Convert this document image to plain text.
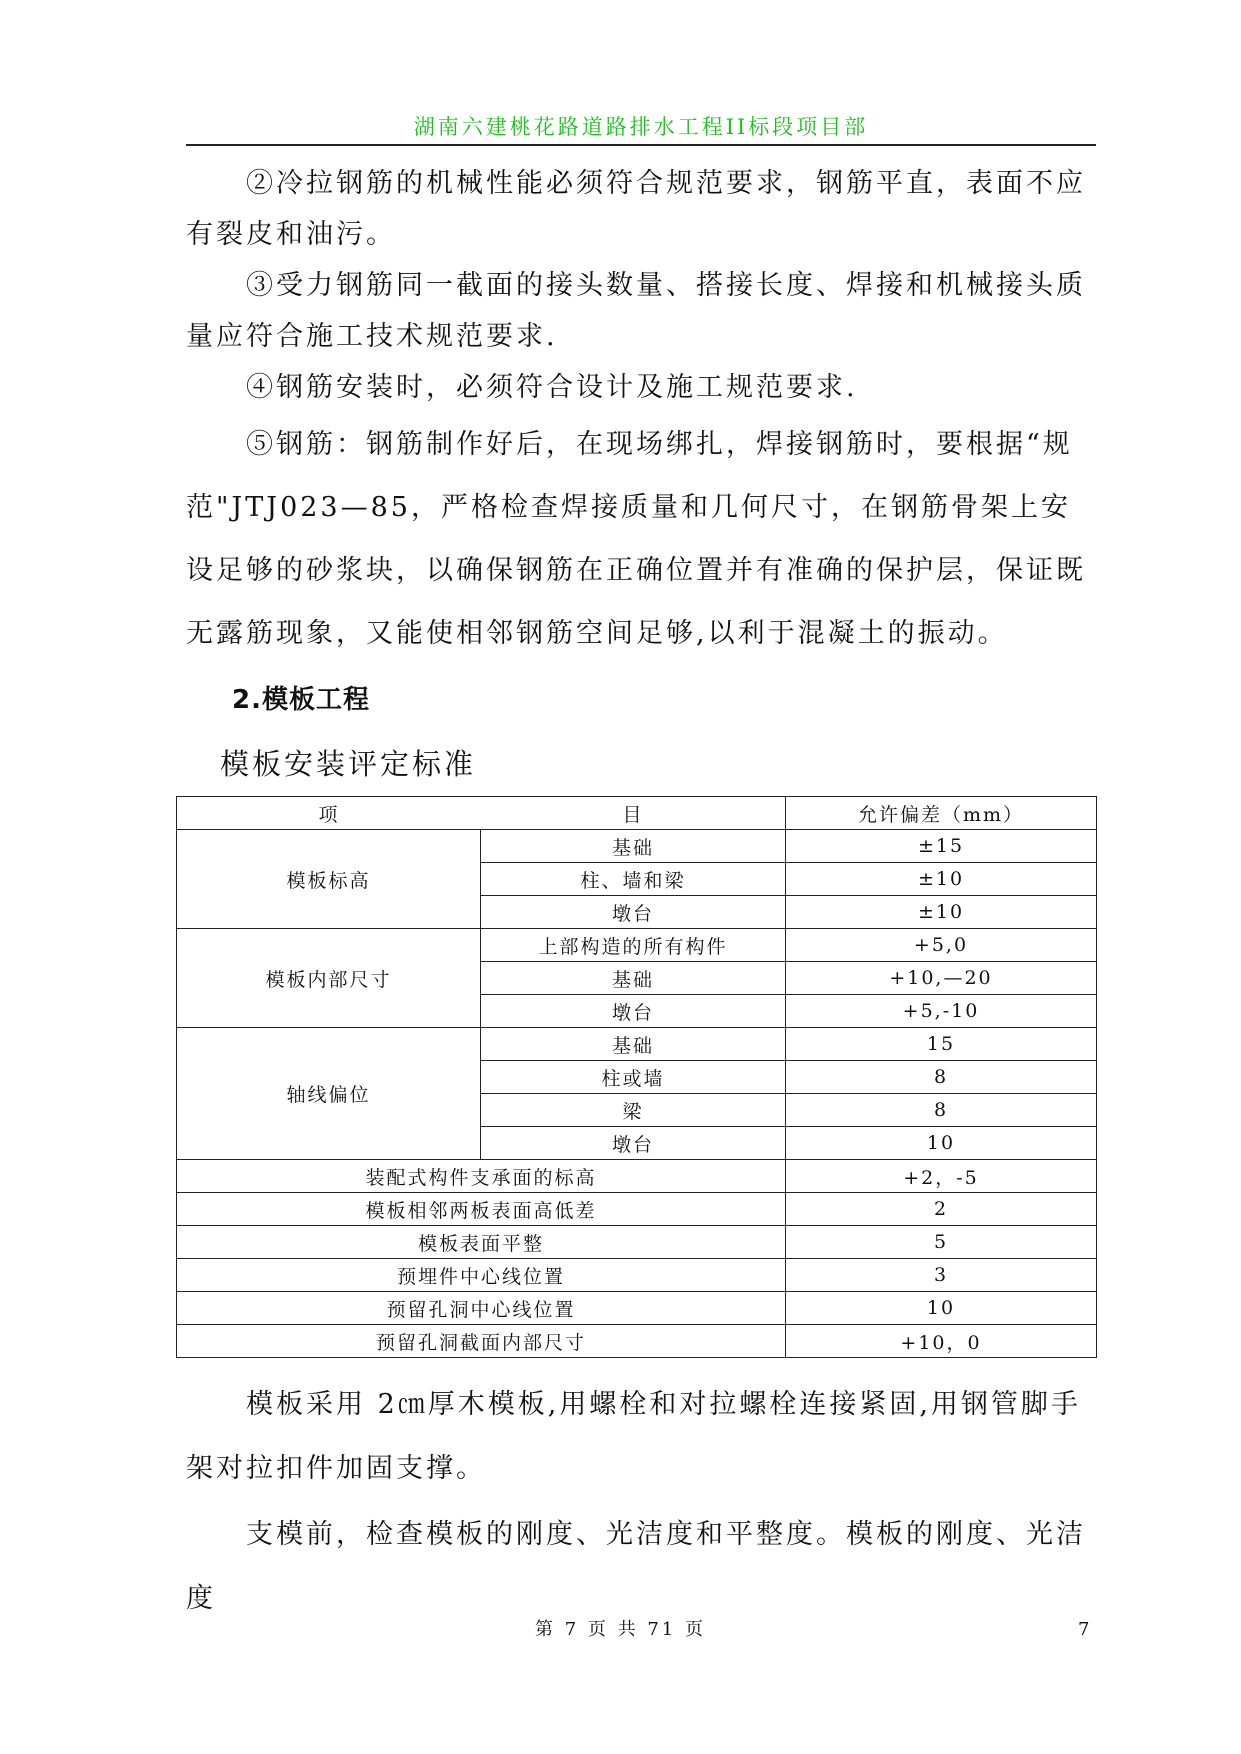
湖南六建桃花路道路排水工程II标段项目部

　　②冷拉钢筋的机械性能必须符合规范要求，钢筋平直，表面不应有裂皮和油污。

　　③受力钢筋同一截面的接头数量、搭接长度、焊接和机械接头质量应符合施工技术规范要求.

　　④钢筋安装时，必须符合设计及施工规范要求.

　　⑤钢筋：钢筋制作好后，在现场绑扎，焊接钢筋时，要根据“规范"JTJ023—85，严格检查焊接质量和几何尺寸，在钢筋骨架上安设足够的砂浆块，以确保钢筋在正确位置并有准确的保护层，保证既无露筋现象，又能使相邻钢筋空间足够,以利于混凝土的振动。

2.模板工程

模板安装评定标准

项 目		允许偏差（mm）
模板标高	基础	±15
	柱、墙和梁	±10
	墩台	±10
模板内部尺寸	上部构造的所有构件	+5,0
	基础	+10,—20
	墩台	+5,-10
轴线偏位	基础	15
	柱或墙	8
	梁	8
	墩台	10
装配式构件支承面的标高		+2，-5
模板相邻两板表面高低差		2
模板表面平整		5
预埋件中心线位置		3
预留孔洞中心线位置		10
预留孔洞截面内部尺寸		+10，0

　　模板采用 2㎝厚木模板,用螺栓和对拉螺栓连接紧固,用钢管脚手架对拉扣件加固支撑。

　　支模前，检查模板的刚度、光洁度和平整度。模板的刚度、光洁度

第 7 页 共 71 页	7
